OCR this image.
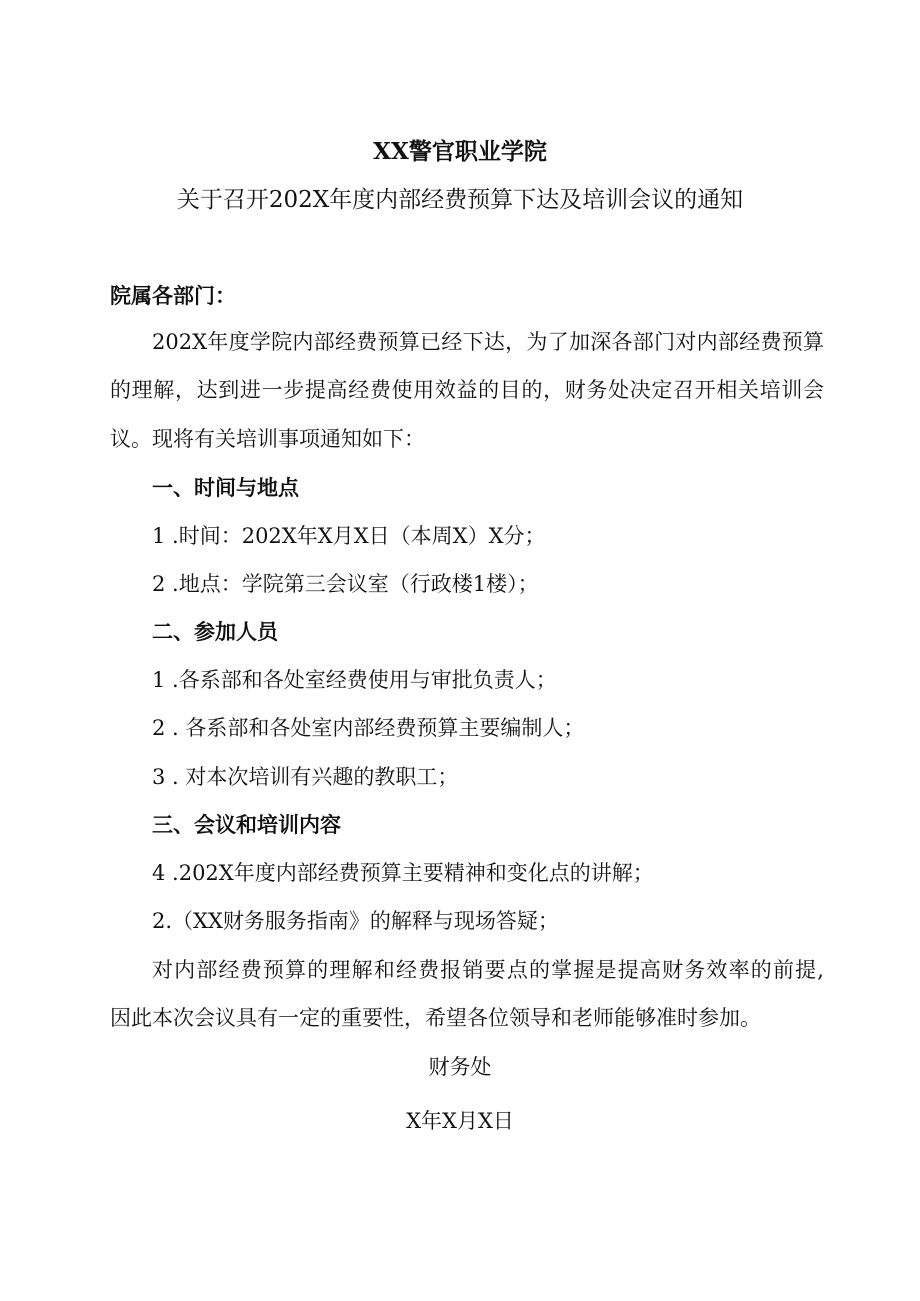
XX警官职业学院
关于召开202X年度内部经费预算下达及培训会议的通知
院属各部门：
202X年度学院内部经费预算已经下达，为了加深各部门对内部经费预算
的理解，达到进一步提高经费使用效益的目的，财务处决定召开相关培训会
议。现将有关培训事项通知如下：
一、时间与地点
1 .时间：202X年X月X日（本周X）X分；
2 .地点：学院第三会议室（行政楼1楼）；
二、参加人员
1 .各系部和各处室经费使用与审批负责人；
2 . 各系部和各处室内部经费预算主要编制人；
3 . 对本次培训有兴趣的教职工；
三、会议和培训内容
4 .202X年度内部经费预算主要精神和变化点的讲解；
2.（XX财务服务指南》的解释与现场答疑；
对内部经费预算的理解和经费报销要点的掌握是提高财务效率的前提,
因此本次会议具有一定的重要性，希望各位领导和老师能够准时参加。
财务处
X年X月X日
